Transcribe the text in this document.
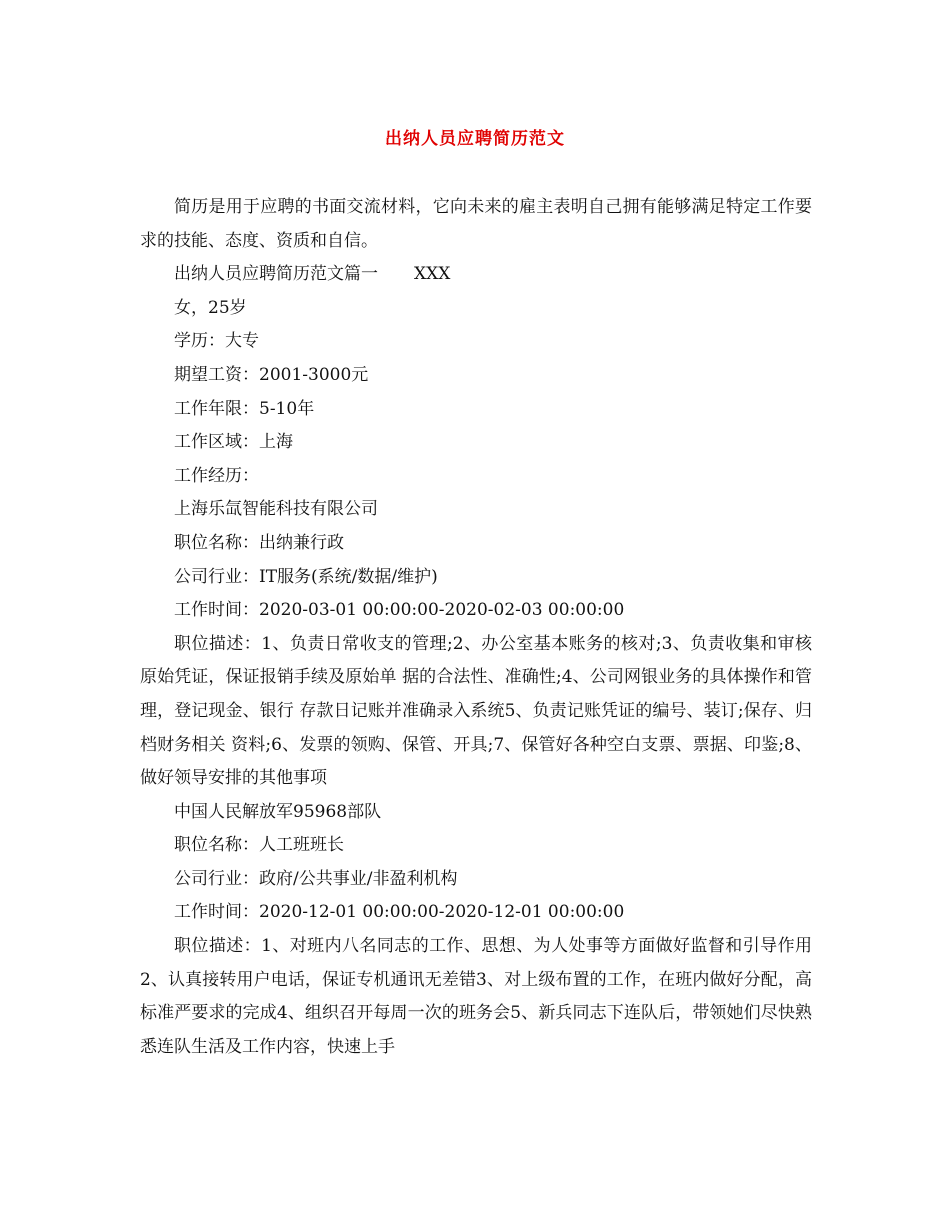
出纳人员应聘简历范文

简历是用于应聘的书面交流材料，它向未来的雇主表明自己拥有能够满足特定工作要求的技能、态度、资质和自信。

出纳人员应聘简历范文篇一 XXX

女，25岁

学历：大专

期望工资：2001-3000元

工作年限：5-10年

工作区域：上海

工作经历：

上海乐氙智能科技有限公司

职位名称：出纳兼行政

公司行业：IT服务(系统/数据/维护)

工作时间：2020-03-01 00:00:00-2020-02-03 00:00:00

职位描述：1、负责日常收支的管理;2、办公室基本账务的核对;3、负责收集和审核原始凭证，保证报销手续及原始单 据的合法性、准确性;4、公司网银业务的具体操作和管理，登记现金、银行 存款日记账并准确录入系统5、负责记账凭证的编号、装订;保存、归档财务相关 资料;6、发票的领购、保管、开具;7、保管好各种空白支票、票据、印鉴;8、做好领导安排的其他事项

中国人民解放军95968部队

职位名称：人工班班长

公司行业：政府/公共事业/非盈利机构

工作时间：2020-12-01 00:00:00-2020-12-01 00:00:00

职位描述：1、对班内八名同志的工作、思想、为人处事等方面做好监督和引导作用2、认真接转用户电话，保证专机通讯无差错3、对上级布置的工作，在班内做好分配，高标准严要求的完成4、组织召开每周一次的班务会5、新兵同志下连队后，带领她们尽快熟悉连队生活及工作内容，快速上手
